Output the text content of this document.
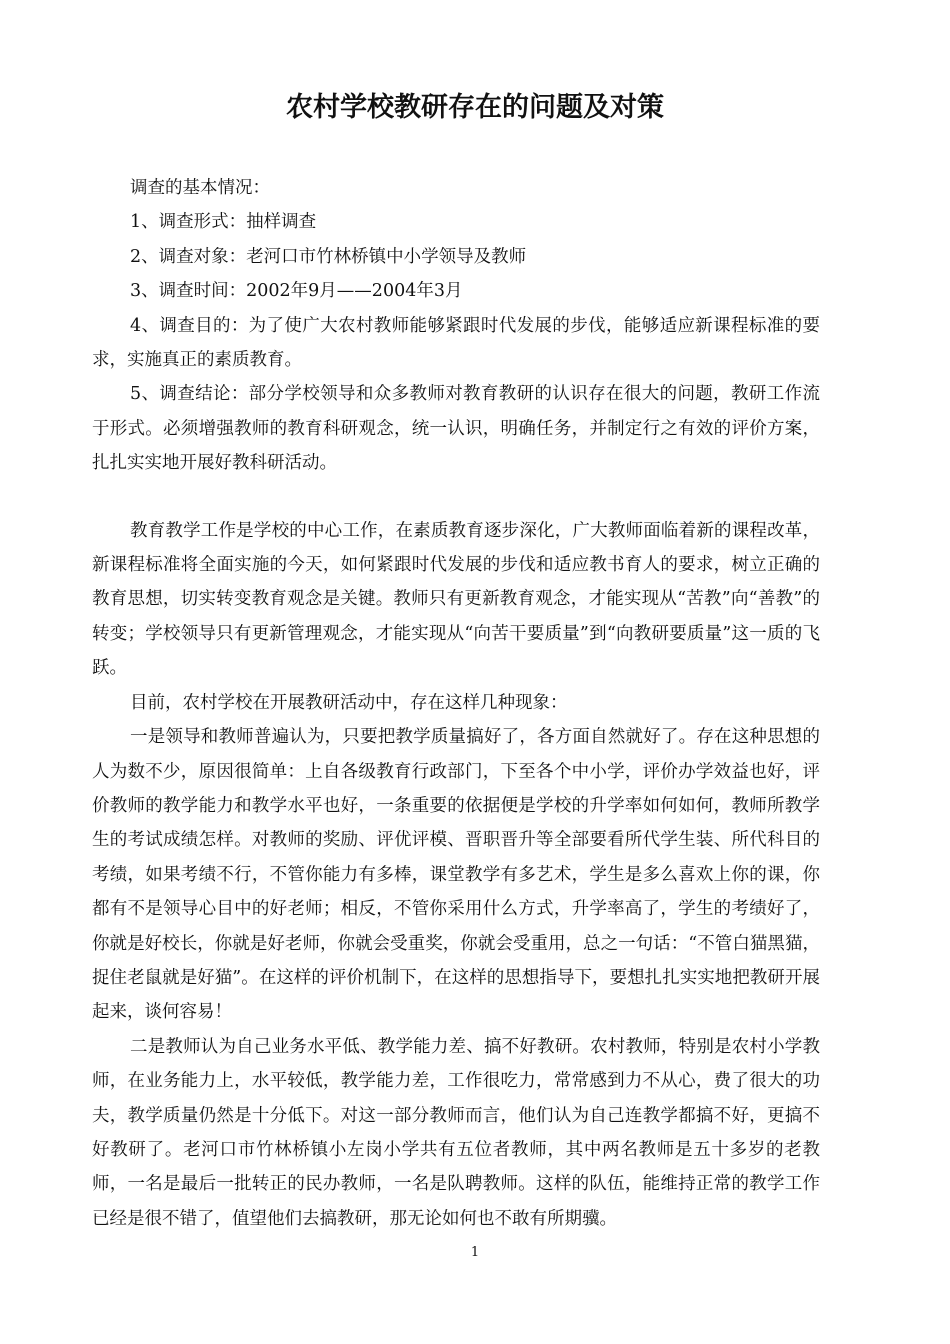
农村学校教研存在的问题及对策

调查的基本情况：

1、调查形式：抽样调查

2、调查对象：老河口市竹林桥镇中小学领导及教师

3、调查时间：2002年9月——2004年3月

4、调查目的：为了使广大农村教师能够紧跟时代发展的步伐，能够适应新课程标准的要求，实施真正的素质教育。

5、调查结论：部分学校领导和众多教师对教育教研的认识存在很大的问题，教研工作流于形式。必须增强教师的教育科研观念，统一认识，明确任务，并制定行之有效的评价方案，扎扎实实地开展好教科研活动。

教育教学工作是学校的中心工作，在素质教育逐步深化，广大教师面临着新的课程改革，新课程标准将全面实施的今天，如何紧跟时代发展的步伐和适应教书育人的要求，树立正确的教育思想，切实转变教育观念是关键。教师只有更新教育观念，才能实现从“苦教”向“善教”的转变；学校领导只有更新管理观念，才能实现从“向苦干要质量”到“向教研要质量”这一质的飞跃。

目前，农村学校在开展教研活动中，存在这样几种现象：

一是领导和教师普遍认为，只要把教学质量搞好了，各方面自然就好了。存在这种思想的人为数不少，原因很简单：上自各级教育行政部门，下至各个中小学，评价办学效益也好，评价教师的教学能力和教学水平也好，一条重要的依据便是学校的升学率如何如何，教师所教学生的考试成绩怎样。对教师的奖励、评优评模、晋职晋升等全部要看所代学生装、所代科目的考绩，如果考绩不行，不管你能力有多棒，课堂教学有多艺术，学生是多么喜欢上你的课，你都有不是领导心目中的好老师；相反，不管你采用什么方式，升学率高了，学生的考绩好了，你就是好校长，你就是好老师，你就会受重奖，你就会受重用，总之一句话：“不管白猫黑猫，捉住老鼠就是好猫”。在这样的评价机制下，在这样的思想指导下，要想扎扎实实地把教研开展起来，谈何容易！

二是教师认为自己业务水平低、教学能力差、搞不好教研。农村教师，特别是农村小学教师，在业务能力上，水平较低，教学能力差，工作很吃力，常常感到力不从心，费了很大的功夫，教学质量仍然是十分低下。对这一部分教师而言，他们认为自己连教学都搞不好，更搞不好教研了。老河口市竹林桥镇小左岗小学共有五位者教师，其中两名教师是五十多岁的老教师，一名是最后一批转正的民办教师，一名是队聘教师。这样的队伍，能维持正常的教学工作已经是很不错了，值望他们去搞教研，那无论如何也不敢有所期骥。

1
